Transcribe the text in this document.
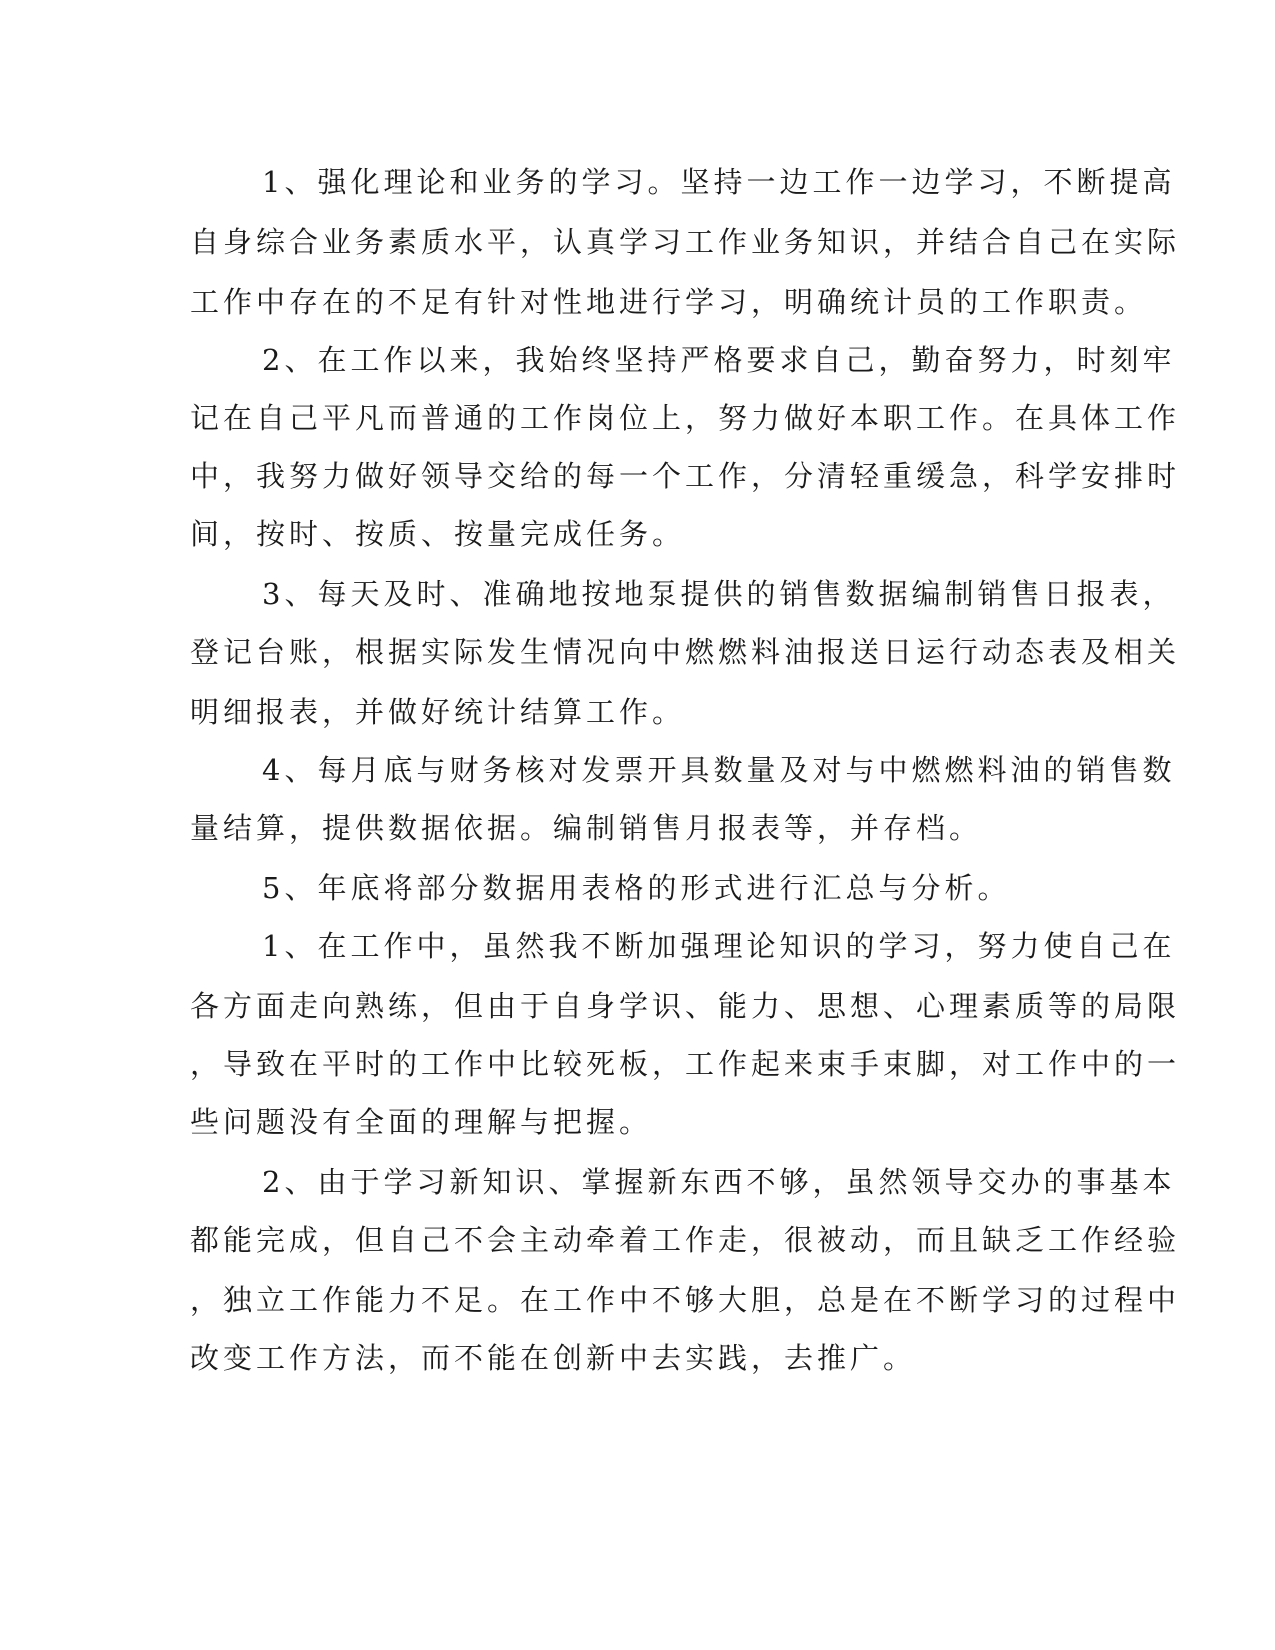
1、强化理论和业务的学习。坚持一边工作一边学习，不断提高

自身综合业务素质水平，认真学习工作业务知识，并结合自己在实际

工作中存在的不足有针对性地进行学习，明确统计员的工作职责。

2、在工作以来，我始终坚持严格要求自己，勤奋努力，时刻牢

记在自己平凡而普通的工作岗位上，努力做好本职工作。在具体工作

中，我努力做好领导交给的每一个工作，分清轻重缓急，科学安排时

间，按时、按质、按量完成任务。

3、每天及时、准确地按地泵提供的销售数据编制销售日报表，

登记台账，根据实际发生情况向中燃燃料油报送日运行动态表及相关

明细报表，并做好统计结算工作。

4、每月底与财务核对发票开具数量及对与中燃燃料油的销售数

量结算，提供数据依据。编制销售月报表等，并存档。

5、年底将部分数据用表格的形式进行汇总与分析。

1、在工作中，虽然我不断加强理论知识的学习，努力使自己在

各方面走向熟练，但由于自身学识、能力、思想、心理素质等的局限

，导致在平时的工作中比较死板，工作起来束手束脚，对工作中的一

些问题没有全面的理解与把握。

2、由于学习新知识、掌握新东西不够，虽然领导交办的事基本

都能完成，但自己不会主动牵着工作走，很被动，而且缺乏工作经验

，独立工作能力不足。在工作中不够大胆，总是在不断学习的过程中

改变工作方法，而不能在创新中去实践，去推广。
